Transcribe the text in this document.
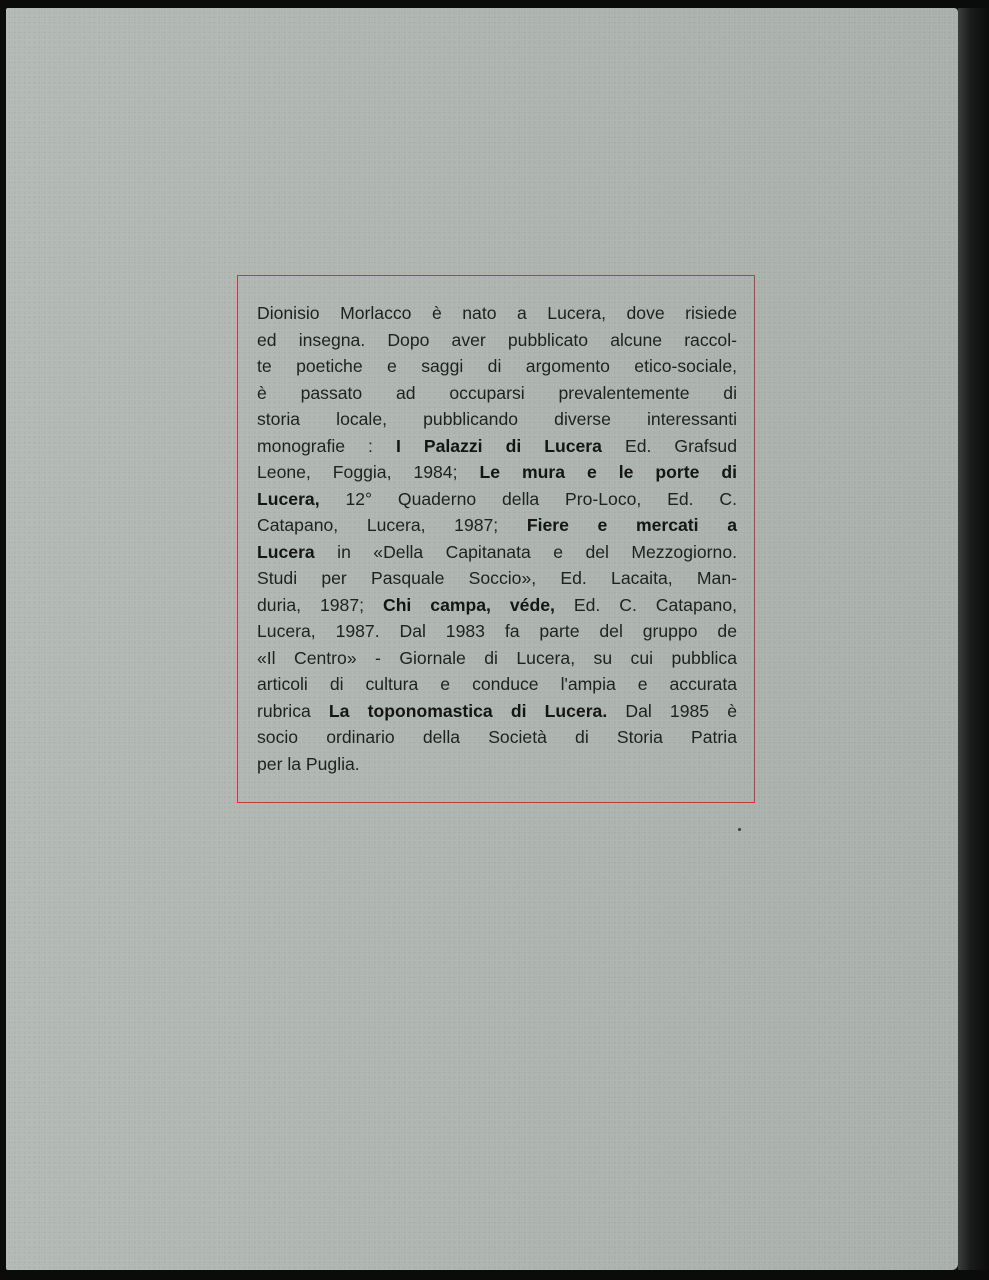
Dionisio Morlacco è nato a Lucera, dove risiede
ed insegna. Dopo aver pubblicato alcune raccol-
te poetiche e saggi di argomento etico-sociale,
è passato ad occuparsi prevalentemente di
storia locale, pubblicando diverse interessanti
monografie : I Palazzi di Lucera Ed. Grafsud
Leone, Foggia, 1984; Le mura e le porte di
Lucera, 12° Quaderno della Pro-Loco, Ed. C.
Catapano, Lucera, 1987; Fiere e mercati a
Lucera in «Della Capitanata e del Mezzogiorno.
Studi per Pasquale Soccio», Ed. Lacaita, Man-
duria, 1987; Chi campa, véde, Ed. C. Catapano,
Lucera, 1987. Dal 1983 fa parte del gruppo de
«Il Centro» - Giornale di Lucera, su cui pubblica
articoli di cultura e conduce l'ampia e accurata
rubrica La toponomastica di Lucera. Dal 1985 è
socio ordinario della Società di Storia Patria
per la Puglia.
